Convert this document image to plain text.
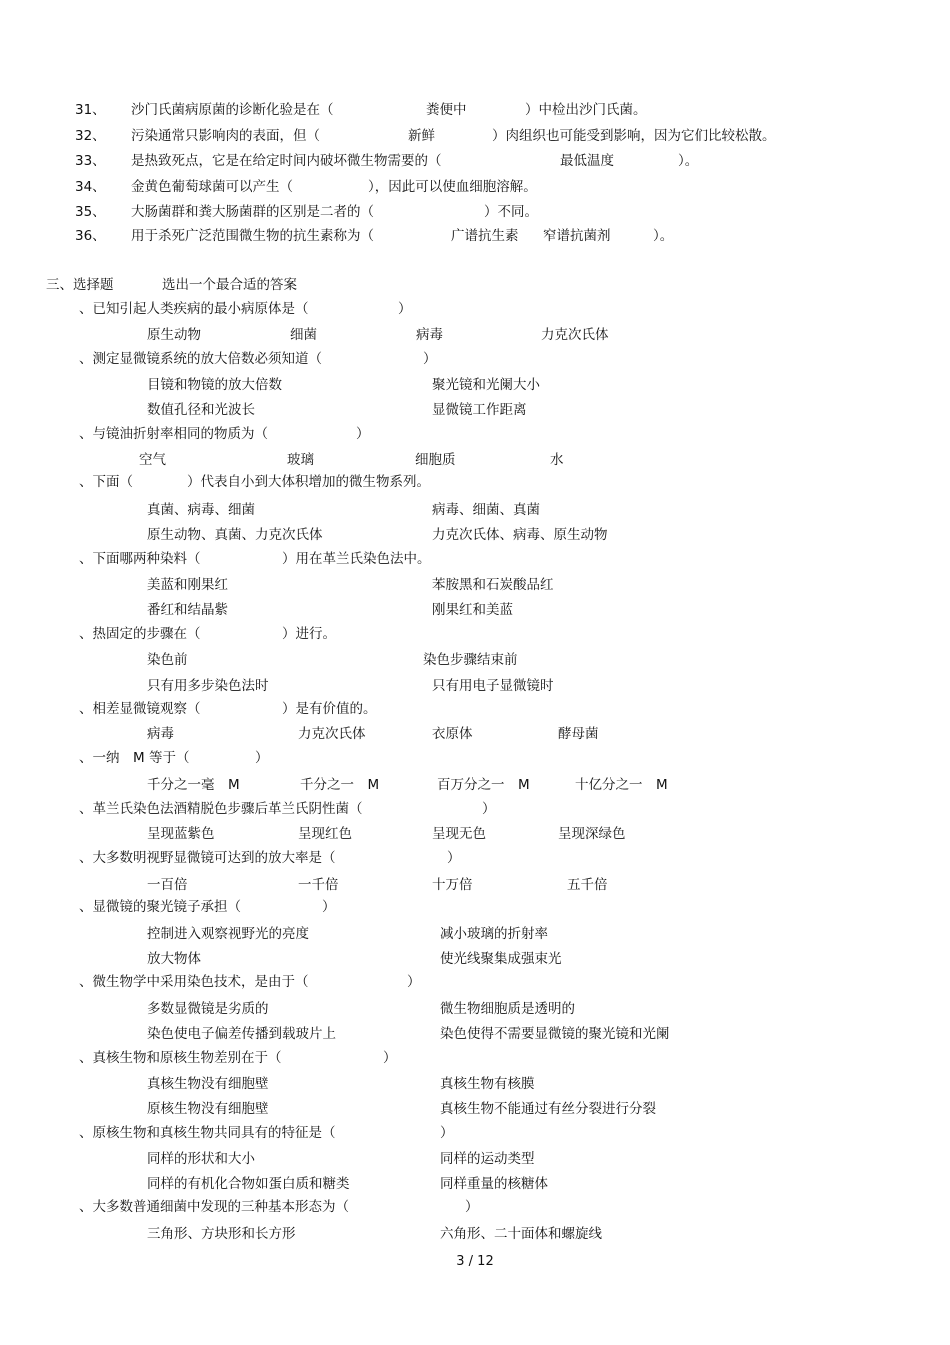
31、 沙门氏菌病原菌的诊断化验是在（	粪便中	）中检出沙门氏菌。
32、 污染通常只影响肉的表面，但（	新鲜	）肉组织也可能受到影响，因为它们比较松散。
33、 是热致死点，它是在给定时间内破坏微生物需要的（	最低温度	）。
34、 金黄色葡萄球菌可以产生（	），因此可以使血细胞溶解。
35、 大肠菌群和粪大肠菌群的区别是二者的（	）不同。
36、 用于杀死广泛范围微生物的抗生素称为（	广谱抗生素 窄谱抗菌剂	）。
三、选择题	选出一个最合适的答案
、已知引起人类疾病的最小病原体是（	）
原生动物	细菌	病毒	力克次氏体
、测定显微镜系统的放大倍数必须知道（	）
目镜和物镜的放大倍数	聚光镜和光阑大小
数值孔径和光波长	显微镜工作距离
、与镜油折射率相同的物质为（	）
空气	玻璃	细胞质	水
、下面（	）代表自小到大体积增加的微生物系列。
真菌、病毒、细菌	病毒、细菌、真菌
原生动物、真菌、力克次氏体	力克次氏体、病毒、原生动物
、下面哪两种染料（	）用在革兰氏染色法中。
美蓝和刚果红	苯胺黑和石炭酸品红
番红和结晶紫	刚果红和美蓝
、热固定的步骤在（	）进行。
染色前	染色步骤结束前
只有用多步染色法时	只有用电子显微镜时
、相差显微镜观察（	）是有价值的。
病毒	力克次氏体	衣原体	酵母菌
、一纳　M 等于（	）
千分之一毫　M	千分之一　M	百万分之一　M	十亿分之一　M
、革兰氏染色法酒精脱色步骤后革兰氏阴性菌（	）
呈现蓝紫色	呈现红色	呈现无色	呈现深绿色
、大多数明视野显微镜可达到的放大率是（	）
一百倍	一千倍	十万倍	五千倍
、显微镜的聚光镜子承担（	）
控制进入观察视野光的亮度	减小玻璃的折射率
放大物体	使光线聚集成强束光
、微生物学中采用染色技术，是由于（	）
多数显微镜是劣质的	微生物细胞质是透明的
染色使电子偏差传播到载玻片上	染色使得不需要显微镜的聚光镜和光阑
、真核生物和原核生物差别在于（	）
真核生物没有细胞壁	真核生物有核膜
原核生物没有细胞壁	真核生物不能通过有丝分裂进行分裂
、原核生物和真核生物共同具有的特征是（	）
同样的形状和大小	同样的运动类型
同样的有机化合物如蛋白质和糖类	同样重量的核糖体
、大多数普通细菌中发现的三种基本形态为（	）
三角形、方块形和长方形	六角形、二十面体和螺旋线
3 / 12
